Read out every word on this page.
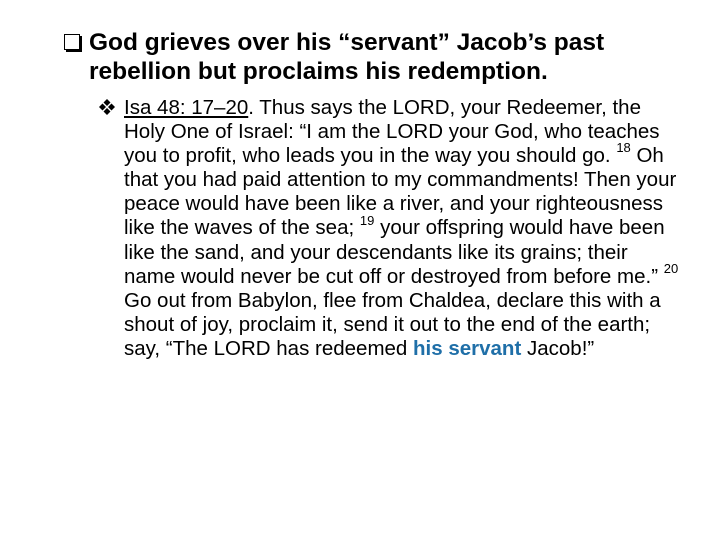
God grieves over his “servant” Jacob’s past rebellion but proclaims his redemption.
Isa 48: 17–20. Thus says the LORD, your Redeemer, the Holy One of Israel: “I am the LORD your God, who teaches you to profit, who leads you in the way you should go. $^{18}$ Oh that you had paid attention to my commandments! Then your peace would have been like a river, and your righteousness like the waves of the sea; $^{19}$ your offspring would have been like the sand, and your descendants like its grains; their name would never be cut off or destroyed from before me.” $^{20}$ Go out from Babylon, flee from Chaldea, declare this with a shout of joy, proclaim it, send it out to the end of the earth; say, “The LORD has redeemed his servant Jacob!”
